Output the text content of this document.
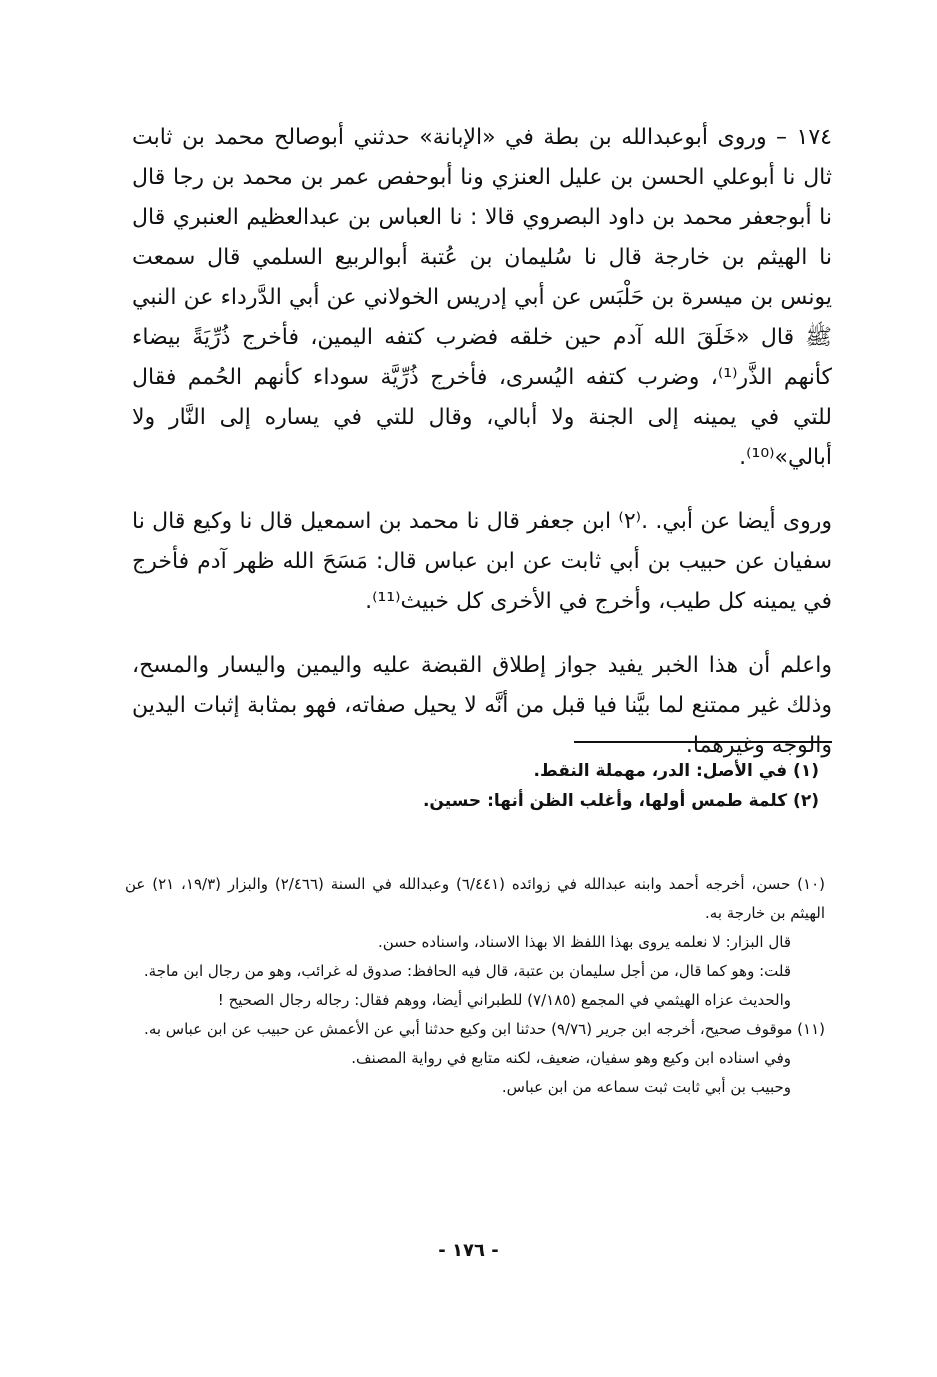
١٧٤ – وروى أبوعبدالله بن بطة في «الإبانة» حدثني أبوصالح محمد بن ثابت ثال نا أبوعلي الحسن بن عليل العنزي ونا أبوحفص عمر بن محمد بن رجا قال نا أبوجعفر محمد بن داود البصروي قالا : نا العباس بن عبدالعظيم العنبري قال نا الهيثم بن خارجة قال نا سُليمان بن عُتبة أبوالربيع السلمي قال سمعت يونس بن ميسرة بن حَلْبَس عن أبي إدريس الخولاني عن أبي الدَّرداء عن النبي ﷺ قال «خَلَقَ الله آدم حين خلقه فضرب كتفه اليمين، فأخرج ذُرِّيَةً بيضاء كأنهم الذَّر⁽¹⁾، وضرب كتفه اليُسرى، فأخرج ذُرِّيَّة سوداء كأنهم الحُمم فقال للتي في يمينه إلى الجنة ولا أبالي، وقال للتي في يساره إلى النَّار ولا أبالي»⁽¹⁰⁾.

وروى أيضا عن أبي. .⁽٢⁾ ابن جعفر قال نا محمد بن اسمعيل قال نا وكيع قال نا سفيان عن حبيب بن أبي ثابت عن ابن عباس قال: مَسَحَ الله ظهر آدم فأخرج في يمينه كل طيب، وأخرج في الأخرى كل خبيث⁽¹¹⁾.

واعلم أن هذا الخبر يفيد جواز إطلاق القبضة عليه واليمين واليسار والمسح، وذلك غير ممتنع لما بيَّنا فيا قبل من أنَّه لا يحيل صفاته، فهو بمثابة إثبات اليدين والوجه وغيرهما.

(١) في الأصل: الدر، مهملة النقط.
(٢) كلمة طمس أولها، وأغلب الظن أنها: حسين.
(١٠) حسن، أخرجه أحمد وابنه عبدالله في زوائده (٦/٤٤١) وعبدالله في السنة (٢/٤٦٦) والبزار (١٩/٣، ٢١) عن الهيثم بن خارجة به.
قال البزار: لا نعلمه يروى بهذا اللفظ الا بهذا الاسناد، واسناده حسن.
قلت: وهو كما قال، من أجل سليمان بن عتبة، قال فيه الحافظ: صدوق له غرائب، وهو من رجال ابن ماجة.
والحديث عزاه الهيثمي في المجمع (٧/١٨٥) للطبراني أيضا، ووهم فقال: رجاله رجال الصحيح !
(١١) موقوف صحيح، أخرجه ابن جرير (٩/٧٦) حدثنا ابن وكيع حدثنا أبي عن الأعمش عن حبيب عن ابن عباس به.
وفي اسناده ابن وكيع وهو سفيان، ضعيف، لكنه متابع في رواية المصنف.
وحبيب بن أبي ثابت ثبت سماعه من ابن عباس.
- ١٧٦ -
